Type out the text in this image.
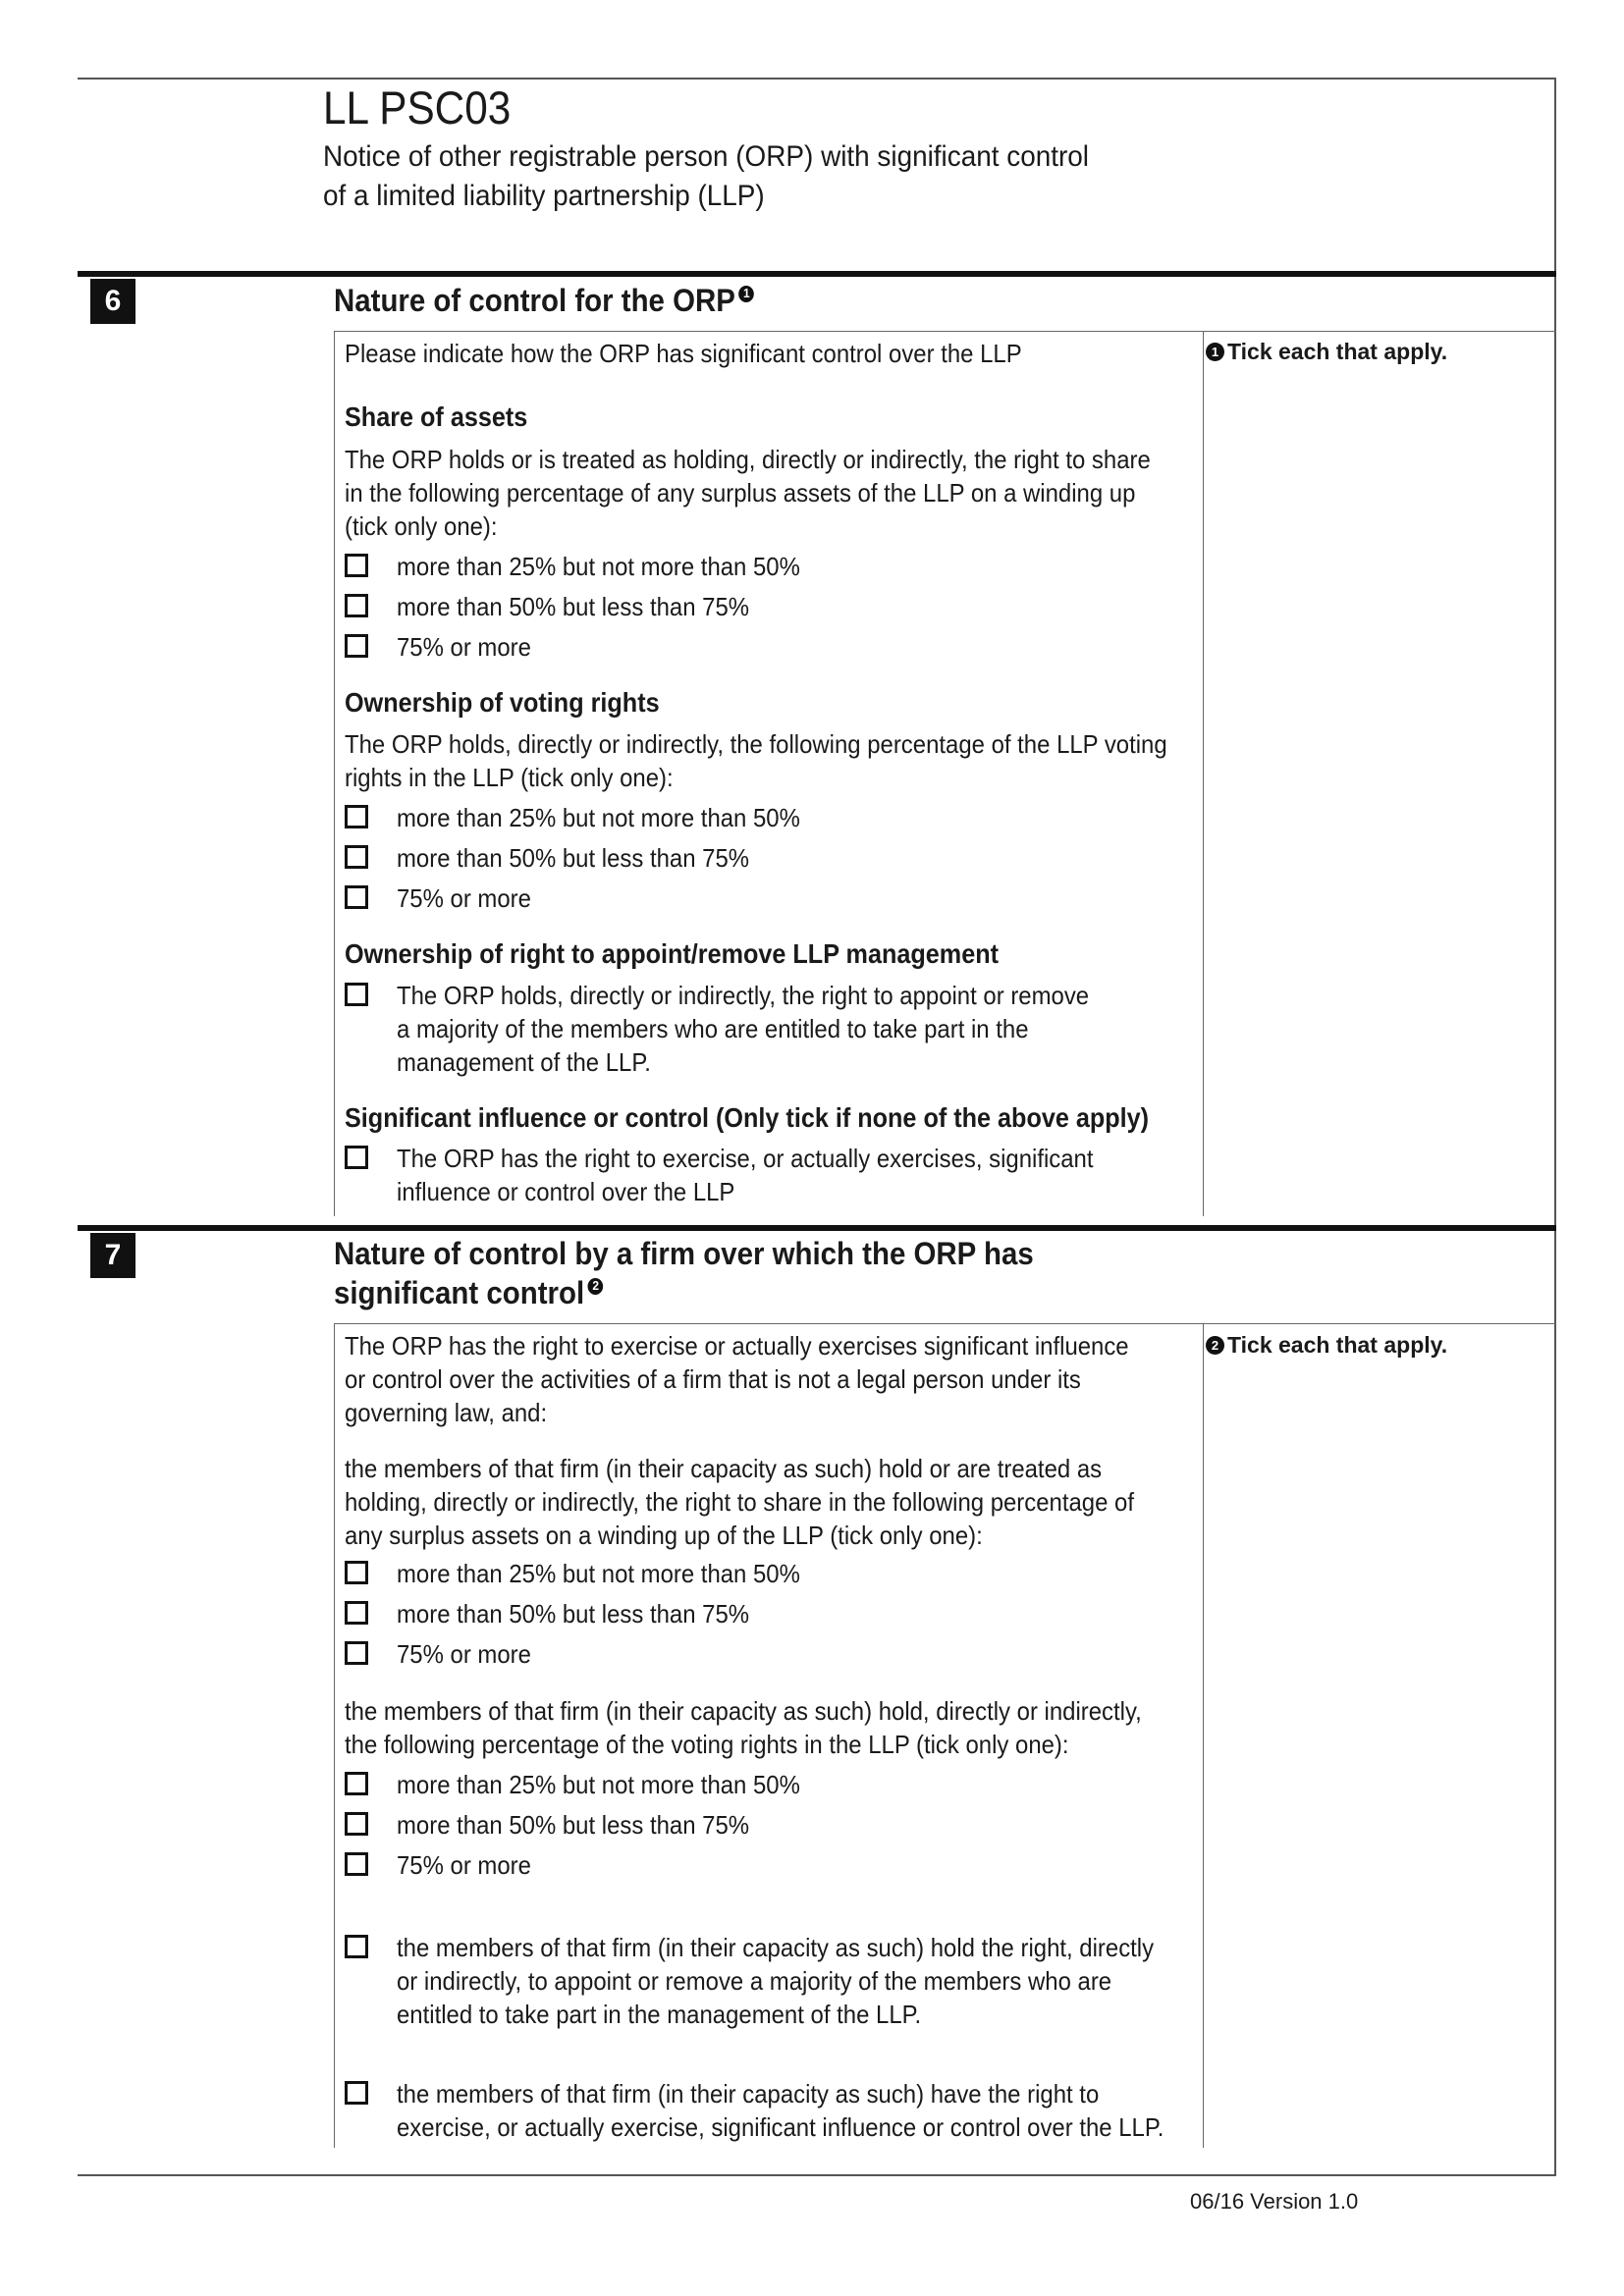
LL PSC03
Notice of other registrable person (ORP) with significant control
of a limited liability partnership (LLP)
6	Nature of control for the ORP 1
1 Tick each that apply.
Please indicate how the ORP has significant control over the LLP
Share of assets
The ORP holds or is treated as holding, directly or indirectly, the right to share
in the following percentage of any surplus assets of the LLP on a winding up
(tick only one):
more than 25% but not more than 50%
more than 50% but less than 75%
75% or more
Ownership of voting rights
The ORP holds, directly or indirectly, the following percentage of the LLP voting
rights in the LLP (tick only one):
more than 25% but not more than 50%
more than 50% but less than 75%
75% or more
Ownership of right to appoint/remove LLP management
The ORP holds, directly or indirectly, the right to appoint or remove
a majority of the members who are entitled to take part in the
management of the LLP.
Significant influence or control (Only tick if none of the above apply)
The ORP has the right to exercise, or actually exercises, significant
influence or control over the LLP
7	Nature of control by a firm over which the ORP has
significant control 2
2 Tick each that apply.
The ORP has the right to exercise or actually exercises significant influence
or control over the activities of a firm that is not a legal person under its
governing law, and:
the members of that firm (in their capacity as such) hold or are treated as
holding, directly or indirectly, the right to share in the following percentage of
any surplus assets on a winding up of the LLP (tick only one):
more than 25% but not more than 50%
more than 50% but less than 75%
75% or more
the members of that firm (in their capacity as such) hold, directly or indirectly,
the following percentage of the voting rights in the LLP (tick only one):
more than 25% but not more than 50%
more than 50% but less than 75%
75% or more
the members of that firm (in their capacity as such) hold the right, directly
or indirectly, to appoint or remove a majority of the members who are
entitled to take part in the management of the LLP.
the members of that firm (in their capacity as such) have the right to
exercise, or actually exercise, significant influence or control over the LLP.
06/16 Version 1.0
